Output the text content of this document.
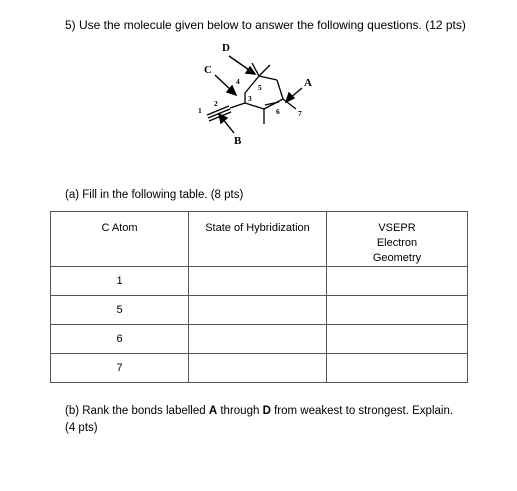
5) Use the molecule given below to answer the following questions. (12 pts)
D
C
A
B
1
2
3
4
5
6 7
(a) Fill in the following table. (8 pts)
C Atom	State of Hybridization	VSEPR Electron Geometry
1		
5		
6		
7		
(b) Rank the bonds labelled A through D from weakest to strongest. Explain. (4 pts)
